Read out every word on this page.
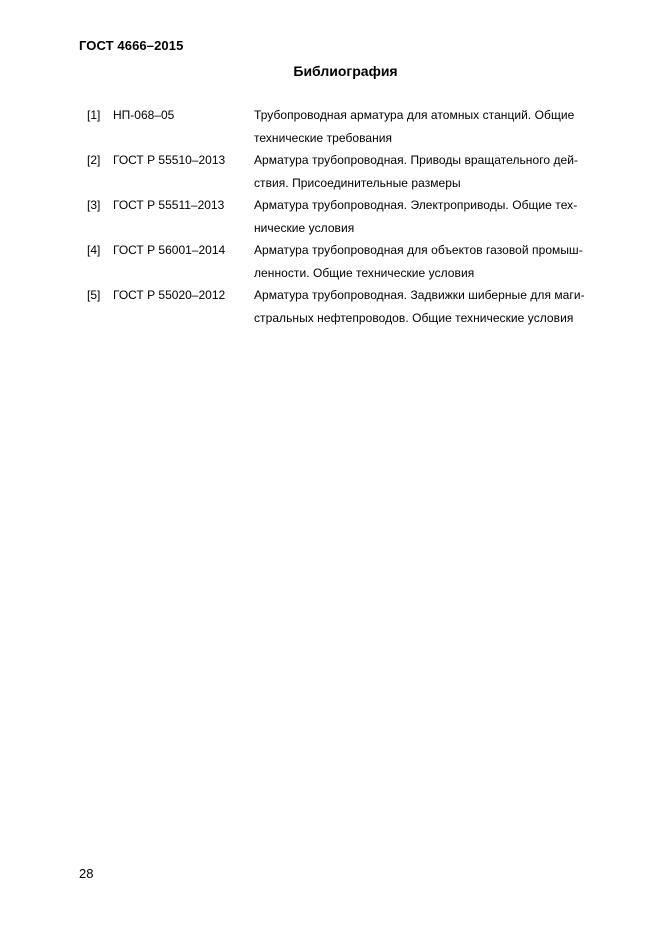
ГОСТ 4666–2015
Библиография
[1]	НП-068–05	Трубопроводная арматура для атомных станций. Общие
технические требования
[2]	ГОСТ Р 55510–2013	Арматура трубопроводная. Приводы вращательного дей-
ствия. Присоединительные размеры
[3]	ГОСТ Р 55511–2013	Арматура трубопроводная. Электроприводы. Общие тех-
нические условия
[4]	ГОСТ Р 56001–2014	Арматура трубопроводная для объектов газовой промыш-
ленности. Общие технические условия
[5]	ГОСТ Р 55020–2012	Арматура трубопроводная. Задвижки шиберные для маги-
стральных нефтепроводов. Общие технические условия
28
